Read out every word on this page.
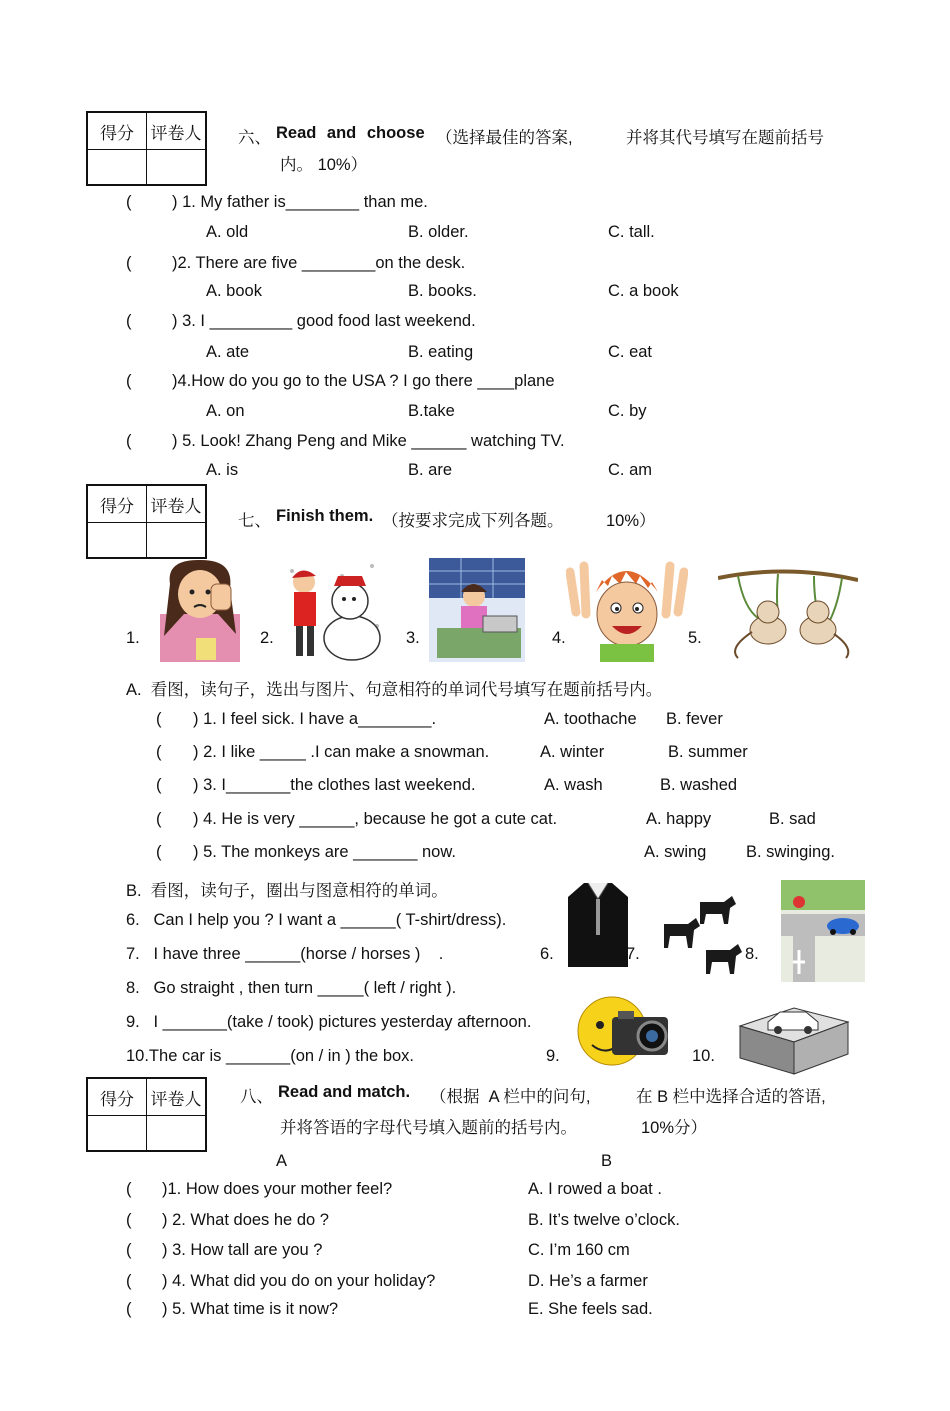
得分	评卷人
	六、 Read and choose （选择最佳的答案,	并将其代号填写在题前括号
内。 10%）
( ) 1. My father is________ than me.
A. old	B. older.	C. tall.
( )2. There are five ________on the desk.
A. book	B. books.	C. a book
( ) 3. I _________ good food last weekend.
A. ate	B. eating	C. eat
( )4.How do you go to the USA ? I go there ____plane
A. on	B.take	C. by
( ) 5. Look! Zhang Peng and Mike ______ watching TV.
A. is	B. are	C. am
得分	评卷人

七、 Finish them. （按要求完成下列各题。	10%）
1.	2.	3.	4.	5.
A.  看图，读句子，选出与图片、句意相符的单词代号填写在题前括号内。
( ) 1. I feel sick. I have a________.	A. toothache B. fever
( ) 2. I like _____ .I can make a snowman.	A. winter	B. summer
( ) 3. I_______the clothes last weekend.	A. wash	B. washed
( ) 4. He is very ______, because he got a cute cat.	A. happy	B. sad
( ) 5. The monkeys are _______ now.	A. swing B. swinging.
B.  看图，读句子，圈出与图意相符的单词。
6.   Can I help you ? I want a ______( T-shirt/dress).
7.   I have three ______(horse / horses )    .
8.   Go straight , then turn _____( left / right ).
9.   I _______(take / took) pictures yesterday afternoon.
10.The car is _______(on / in ) the box.
6.	7.	8.
9.	10.
得分	评卷人
	八、 Read and match. （根据  A 栏中的问句,	在 B 栏中选择合适的答语,
并将答语的字母代号填入题前的括号内。	10%分）
A	B
( )1. How does your mother feel?	A. I rowed a boat .
( ) 2. What does he do ?	B. It’s twelve o’clock.
( ) 3. How tall are you ?	C. I’m 160 cm
( ) 4. What did you do on your holiday?	D. He’s a farmer
( ) 5. What time is it now?	E. She feels sad.
